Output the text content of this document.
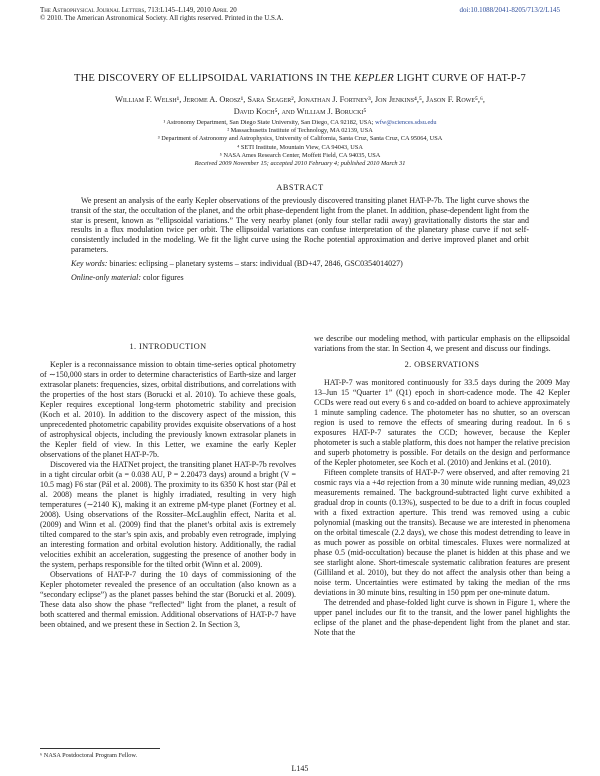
The Astrophysical Journal Letters, 713:L145–L149, 2010 April 20
© 2010. The American Astronomical Society. All rights reserved. Printed in the U.S.A.
doi:10.1088/2041-8205/713/2/L145
THE DISCOVERY OF ELLIPSOIDAL VARIATIONS IN THE KEPLER LIGHT CURVE OF HAT-P-7
William F. Welsh¹, Jerome A. Orosz¹, Sara Seager², Jonathan J. Fortney³, Jon Jenkins⁴,⁵, Jason F. Rowe⁵,⁶,
David Koch⁵, and William J. Borucki⁵
¹ Astronomy Department, San Diego State University, San Diego, CA 92182, USA; wfw@sciences.sdsu.edu
² Massachusetts Institute of Technology, MA 02139, USA
³ Department of Astronomy and Astrophysics, University of California, Santa Cruz, Santa Cruz, CA 95064, USA
⁴ SETI Institute, Mountain View, CA 94043, USA
⁵ NASA Ames Research Center, Moffett Field, CA 94035, USA
Received 2009 November 15; accepted 2010 February 4; published 2010 March 31
ABSTRACT

We present an analysis of the early Kepler observations of the previously discovered transiting planet HAT-P-7b. The light curve shows the transit of the star, the occultation of the planet, and the orbit phase-dependent light from the planet. In addition, phase-dependent light from the star is present, known as “ellipsoidal variations.” The very nearby planet (only four stellar radii away) gravitationally distorts the star and results in a flux modulation twice per orbit. The ellipsoidal variations can confuse interpretation of the planetary phase curve if not self-consistently included in the modeling. We fit the light curve using the Roche potential approximation and derive improved planet and orbit parameters.

Key words: binaries: eclipsing – planetary systems – stars: individual (BD+47, 2846, GSC0354014027)
Online-only material: color figures
1. INTRODUCTION

Kepler is a reconnaissance mission to obtain time-series optical photometry of ∼150,000 stars in order to determine characteristics of Earth-size and larger extrasolar planets: frequencies, sizes, orbital distributions, and correlations with the properties of the host stars (Borucki et al. 2010). To achieve these goals, Kepler requires exceptional long-term photometric stability and precision (Koch et al. 2010). In addition to the discovery aspect of the mission, this unprecedented photometric capability provides exquisite observations of a host of astrophysical objects, including the previously known extrasolar planets in the Kepler field of view. In this Letter, we examine the early Kepler observations of the planet HAT-P-7b.

Discovered via the HATNet project, the transiting planet HAT-P-7b revolves in a tight circular orbit (a = 0.038 AU, P = 2.20473 days) around a bright (V = 10.5 mag) F6 star (Pál et al. 2008). The proximity to its 6350 K host star (Pál et al. 2008) means the planet is highly irradiated, resulting in very high temperatures (∼2140 K), making it an extreme pM-type planet (Fortney et al. 2008). Using observations of the Rossiter–McLaughlin effect, Narita et al. (2009) and Winn et al. (2009) find that the planet’s orbital axis is extremely tilted compared to the star’s spin axis, and probably even retrograde, implying an interesting formation and orbital evolution history. Additionally, the radial velocities exhibit an acceleration, suggesting the presence of another body in the system, perhaps responsible for the tilted orbit (Winn et al. 2009).

Observations of HAT-P-7 during the 10 days of commissioning of the Kepler photometer revealed the presence of an occultation (also known as a “secondary eclipse”) as the planet passes behind the star (Borucki et al. 2009). These data also show the phase “reflected” light from the planet, a result of both scattered and thermal emission. Additional observations of HAT-P-7 have been obtained, and we present these in Section 2. In Section 3,

we describe our modeling method, with particular emphasis on the ellipsoidal variations from the star. In Section 4, we present and discuss our findings.

2. OBSERVATIONS

HAT-P-7 was monitored continuously for 33.5 days during the 2009 May 13–Jun 15 “Quarter 1” (Q1) epoch in short-cadence mode. The 42 Kepler CCDs were read out every 6 s and co-added on board to achieve approximately 1 minute sampling cadence. The photometer has no shutter, so an overscan region is used to remove the effects of smearing during readout. In 6 s exposures HAT-P-7 saturates the CCD; however, because the Kepler photometer is such a stable platform, this does not hamper the relative precision and superb photometry is possible. For details on the design and performance of the Kepler photometer, see Koch et al. (2010) and Jenkins et al. (2010).

Fifteen complete transits of HAT-P-7 were observed, and after removing 21 cosmic rays via a +4σ rejection from a 30 minute wide running median, 49,023 measurements remained. The background-subtracted light curve exhibited a gradual drop in counts (0.13%), suspected to be due to a drift in focus coupled with a fixed extraction aperture. This trend was removed using a cubic polynomial (masking out the transits). Because we are interested in phenomena on the orbital timescale (2.2 days), we chose this modest detrending to leave in as much power as possible on orbital timescales. Fluxes were normalized at phase 0.5 (mid-occultation) because the planet is hidden at this phase and we see starlight alone. Short-timescale systematic calibration features are present (Gilliland et al. 2010), but they do not affect the analysis other than being a noise term. Uncertainties were estimated by taking the median of the rms deviations in 30 minute bins, resulting in 150 ppm per one-minute datum.

The detrended and phase-folded light curve is shown in Figure 1, where the upper panel includes our fit to the transit, and the lower panel highlights the eclipse of the planet and the phase-dependent light from the planet and star. Note that the

⁶ NASA Postdoctoral Program Fellow.
L145
